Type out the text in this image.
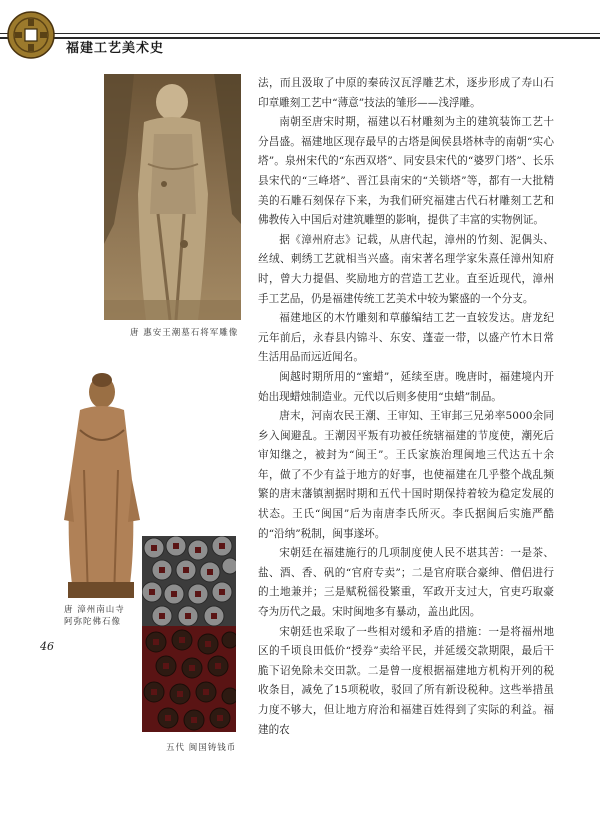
福建工艺美术史
唐 惠安王潮墓石将军雕像
唐 漳州南山寺
阿弥陀佛石像
五代 闽国铸钱币
46

法，而且汲取了中原的秦砖汉瓦浮雕艺术，逐步形成了寿山石印章雕刻工艺中“薄意”技法的雏形——浅浮雕。

南朝至唐宋时期，福建以石材雕刻为主的建筑装饰工艺十分昌盛。福建地区现存最早的古塔是闽侯县塔林寺的南朝“实心塔”。泉州宋代的“东西双塔”、同安县宋代的“婆罗门塔”、长乐县宋代的“三峰塔”、晋江县南宋的“关锁塔”等，都有一大批精美的石雕石刻保存下来，为我们研究福建古代石材雕刻工艺和佛教传入中国后对建筑雕塑的影响，提供了丰富的实物例证。

据《漳州府志》记载，从唐代起，漳州的竹刻、泥偶头、丝绒、刺绣工艺就相当兴盛。南宋著名理学家朱熹任漳州知府时，曾大力提倡、奖励地方的营造工艺业。直至近现代，漳州手工艺品，仍是福建传统工艺美术中较为繁盛的一个分支。

福建地区的木竹雕刻和草藤编结工艺一直较发达。唐龙纪元年前后，永春县内锦斗、东安、蓬壶一带，以盛产竹木日常生活用品而远近闻名。

闽越时期所用的“蜜蜡”，延续至唐。晚唐时，福建境内开始出现蜡烛制造业。元代以后则多使用“虫蜡”制品。

唐末，河南农民王潮、王审知、王审邽三兄弟率5000余同乡入闽避乱。王潮因平叛有功被任统辖福建的节度使，潮死后审知继之，被封为“闽王”。王氏家族治理闽地三代达五十余年，做了不少有益于地方的好事，也使福建在几乎整个战乱频繁的唐末藩镇割据时期和五代十国时期保持着较为稳定发展的状态。王氏“闽国”后为南唐李氏所灭。李氏据闽后实施严酷的“沿纳”税制，闽事遂坏。

宋朝廷在福建施行的几项制度使人民不堪其苦：一是茶、盐、酒、香、矾的“官府专卖”；二是官府联合豪绅、僧侣进行的土地兼并；三是赋税徭役繁重，军政开支过大，官吏巧取豪夺为历代之最。宋时闽地多有暴动，盖出此因。

宋朝廷也采取了一些相对缓和矛盾的措施：一是将福州地区的千顷良田低价“授券”卖给平民，并延缓交款期限，最后干脆下诏免除未交田款。二是曾一度根据福建地方机构开列的税收条目，减免了15项税收，驳回了所有新设税种。这些举措虽力度不够大，但让地方府治和福建百姓得到了实际的利益。福建的农
